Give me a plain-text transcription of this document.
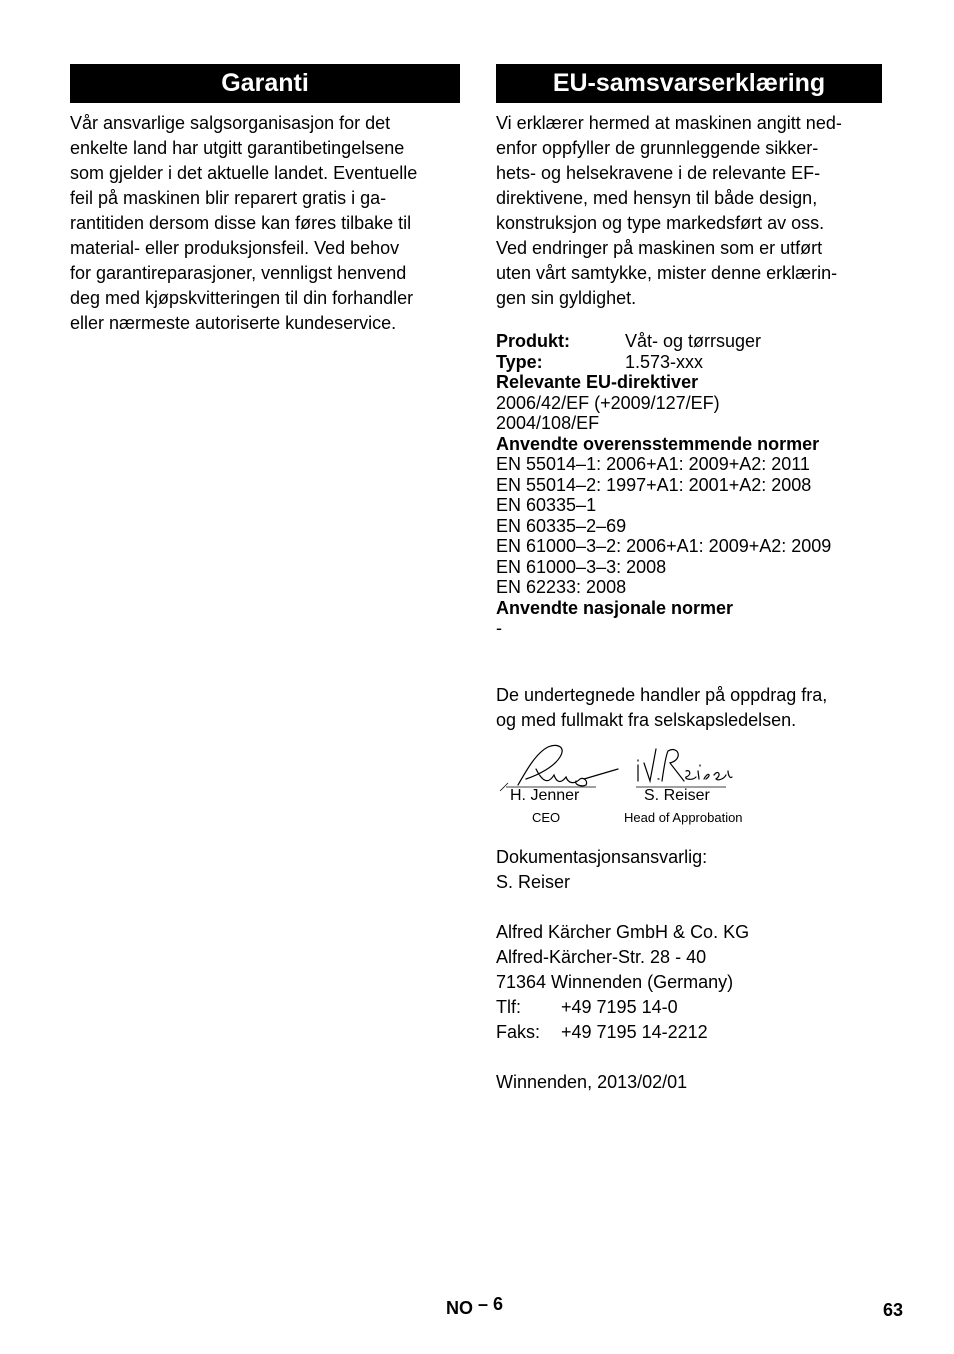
Garanti

Vår ansvarlige salgsorganisasjon for det
enkelte land har utgitt garantibetingelsene
som gjelder i det aktuelle landet. Eventuelle
feil på maskinen blir reparert gratis i ga-
rantitiden dersom disse kan føres tilbake til
material- eller produksjonsfeil. Ved behov
for garantireparasjoner, vennligst henvend
deg med kjøpskvitteringen til din forhandler
eller nærmeste autoriserte kundeservice.

EU-samsvarserklæring

Vi erklærer hermed at maskinen angitt ned-
enfor oppfyller de grunnleggende sikker-
hets- og helsekravene i de relevante EF-
direktivene, med hensyn til både design,
konstruksjon og type markedsført av oss.
Ved endringer på maskinen som er utført
uten vårt samtykke, mister denne erklærin-
gen sin gyldighet.

Produkt:	Våt- og tørrsuger
Type:	1.573-xxx
Relevante EU-direktiver
2006/42/EF (+2009/127/EF)
2004/108/EF
Anvendte overensstemmende normer
EN 55014–1: 2006+A1: 2009+A2: 2011
EN 55014–2: 1997+A1: 2001+A2: 2008
EN 60335–1
EN 60335–2–69
EN 61000–3–2: 2006+A1: 2009+A2: 2009
EN 61000–3–3: 2008
EN 62233: 2008
Anvendte nasjonale normer
-

De undertegnede handler på oppdrag fra,
og med fullmakt fra selskapsledelsen.

H. Jenner
CEO
S. Reiser
Head of Approbation

Dokumentasjonsansvarlig:
S. Reiser

Alfred Kärcher GmbH & Co. KG
Alfred-Kärcher-Str. 28 - 40
71364 Winnenden (Germany)
Tlf: +49 7195 14-0
Faks: +49 7195 14-2212

Winnenden, 2013/02/01

NO – 6	63
